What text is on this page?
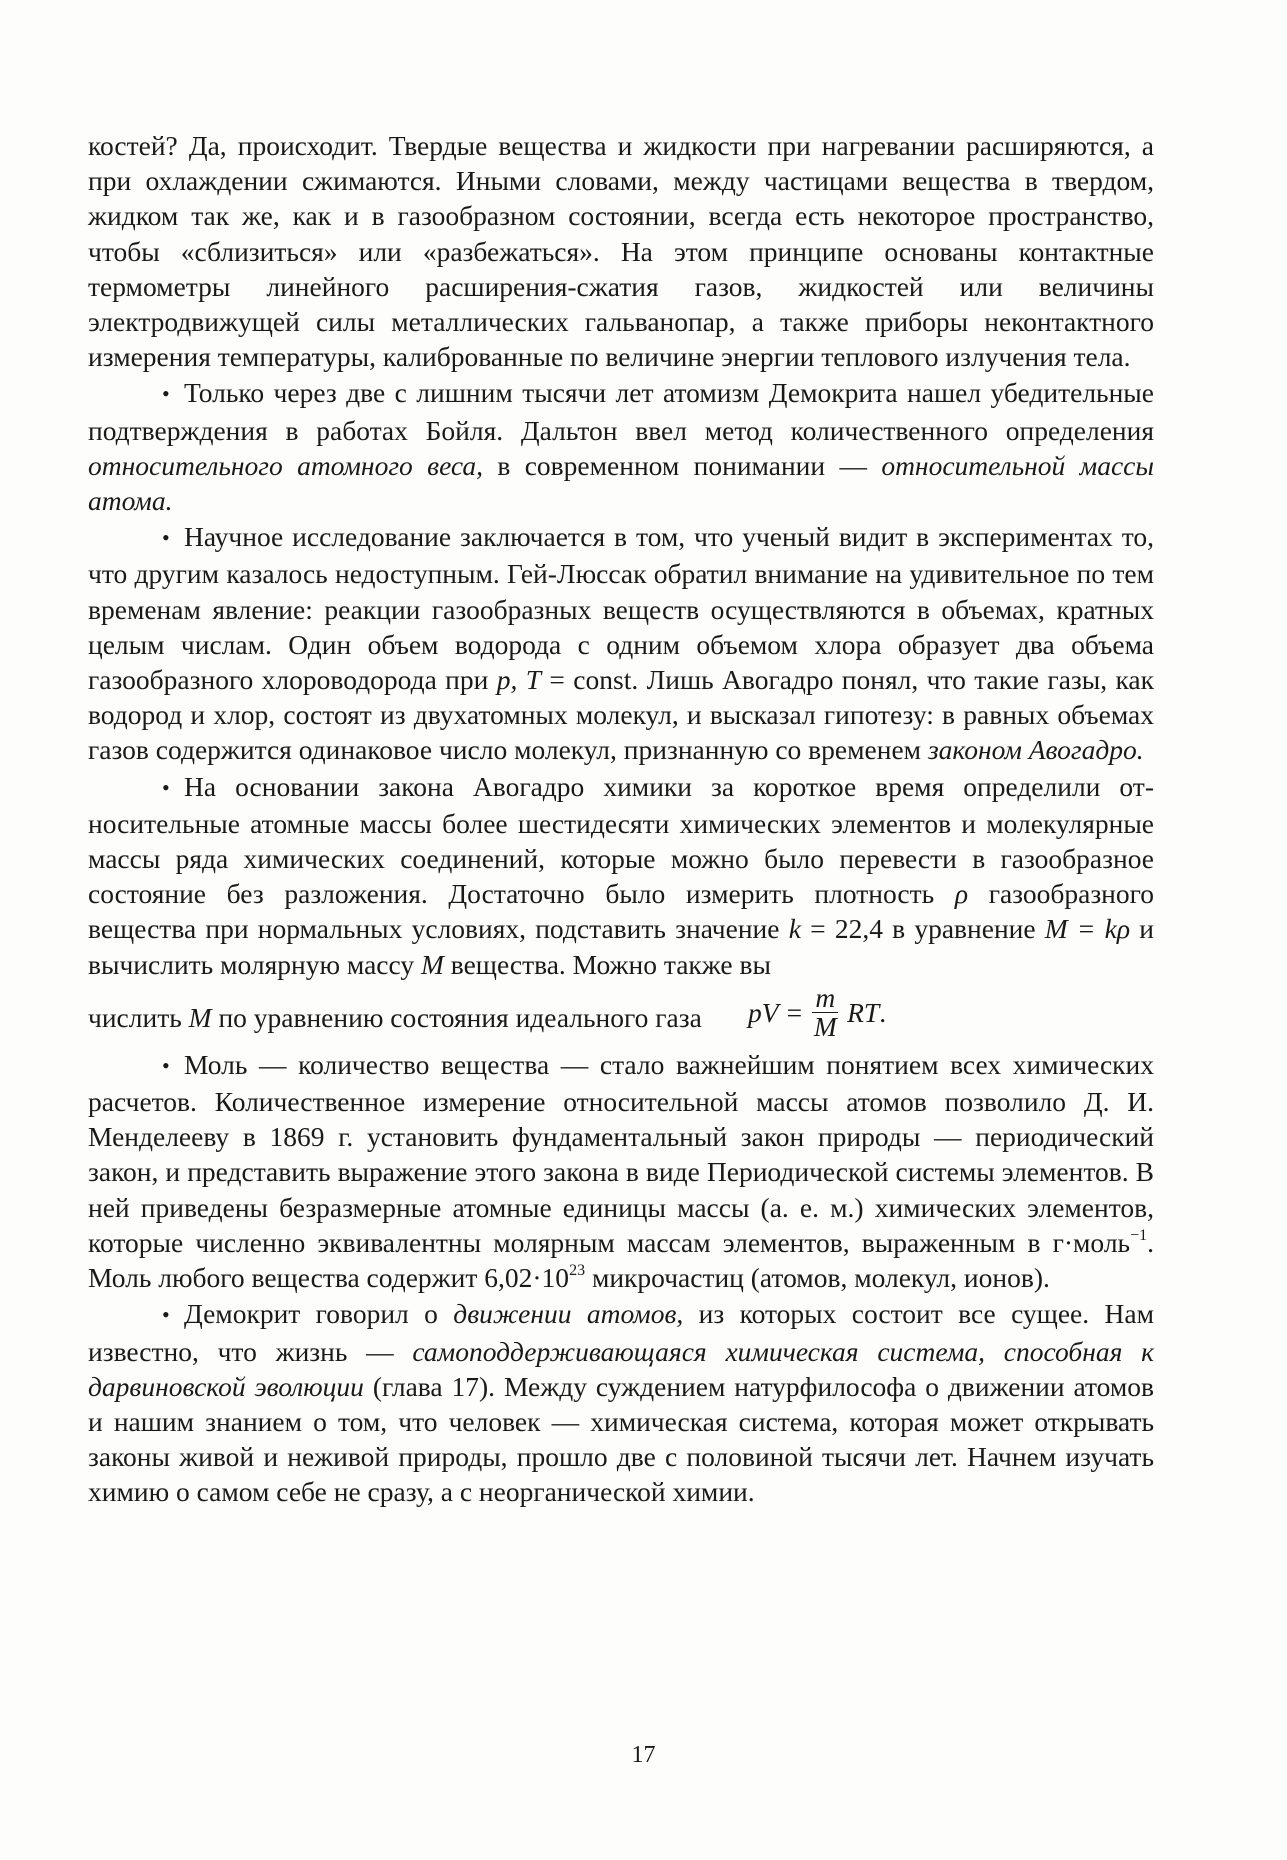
костей? Да, происходит. Твердые вещества и жидкости при нагревании расширяются, а при охлаждении сжимаются. Иными словами, между частицами вещества в твердом, жидком так же, как и в газообразном состоянии, всегда есть некоторое пространство, чтобы «сблизиться» или «разбежаться». На этом принципе основаны контактные термометры линейного расширения-сжатия газов, жидкостей или величины электродвижущей силы металлических гальванопар, а также приборы неконтактного измерения температуры, калиброванные по величине энергии теплового излучения тела.

• Только через две с лишним тысячи лет атомизм Демокрита нашел убедительные подтверждения в работах Бойля. Дальтон ввел метод количественного определения относительного атомного веса, в современном понимании — относительной массы атома.

• Научное исследование заключается в том, что ученый видит в экспериментах то, что другим казалось недоступным. Гей-Люссак обратил внимание на удивительное по тем временам явление: реакции газообразных веществ осуществляются в объемах, кратных целым числам. Один объем водорода с одним объемом хлора образует два объема газообразного хлороводорода при p, T = const. Лишь Авогадро понял, что такие газы, как водород и хлор, состоят из двухатомных молекул, и высказал гипотезу: в равных объемах газов содержится одинаковое число молекул, признанную со временем законом Авогадро.

• На основании закона Авогадро химики за короткое время определили относительные атомные массы более шестидесяти химических элементов и молекулярные массы ряда химических соединений, которые можно было перевести в газообразное состояние без разложения. Достаточно было измерить плотность ρ газообразного вещества при нормальных условиях, подставить значение k = 22,4 в уравнение M = kρ и вычислить молярную массу M вещества. Можно также вы

числить M по уравнению состояния идеального газа pV = $\frac{m}{M}$ RT.

• Моль — количество вещества — стало важнейшим понятием всех химических расчетов. Количественное измерение относительной массы атомов позволило Д. И. Менделееву в 1869 г. установить фундаментальный закон природы — периодический закон, и представить выражение этого закона в виде Периодической системы элементов. В ней приведены безразмерные атомные единицы массы (а. е. м.) химических элементов, которые численно эквивалентны молярным массам элементов, выраженным в г·моль$^{-1}$. Моль любого вещества содержит $6,02\cdot 10^{23}$ микрочастиц (атомов, молекул, ионов).

• Демокрит говорил о движении атомов, из которых состоит все сущее. Нам известно, что жизнь — самоподдерживающаяся химическая система, способная к дарвиновской эволюции (глава 17). Между суждением натурфилософа о движении атомов и нашим знанием о том, что человек — химическая система, которая может открывать законы живой и неживой природы, прошло две с половиной тысячи лет. Начнем изучать химию о самом себе не сразу, а с неорганической химии.

17
